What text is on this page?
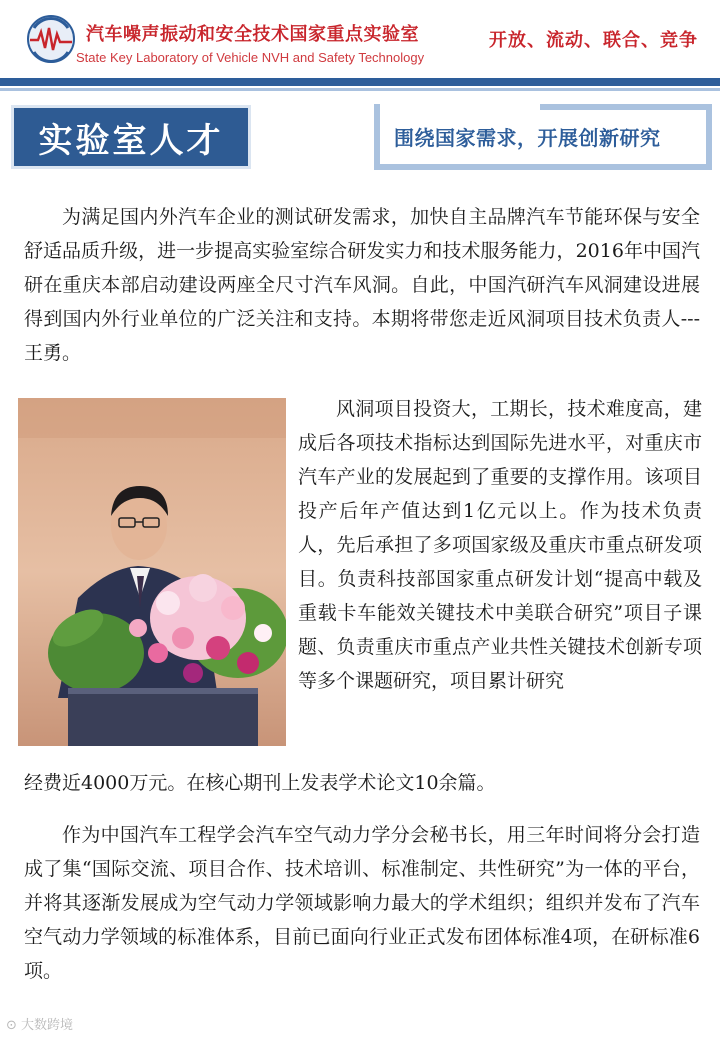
汽车噪声振动和安全技术国家重点实验室
State Key Laboratory of Vehicle NVH and Safety Technology
开放、流动、联合、竞争
实验室人才	围绕国家需求，开展创新研究
为满足国内外汽车企业的测试研发需求，加快自主品牌汽车节能环保与安全舒适品质升级，进一步提高实验室综合研发实力和技术服务能力，2016年中国汽研在重庆本部启动建设两座全尺寸汽车风洞。自此，中国汽研汽车风洞建设进展得到国内外行业单位的广泛关注和支持。本期将带您走近风洞项目技术负责人---王勇。
风洞项目投资大，工期长，技术难度高，建成后各项技术指标达到国际先进水平，对重庆市汽车产业的发展起到了重要的支撑作用。该项目投产后年产值达到1亿元以上。作为技术负责人，先后承担了多项国家级及重庆市重点研发项目。负责科技部国家重点研发计划“提高中载及重载卡车能效关键技术中美联合研究”项目子课题、负责重庆市重点产业共性关键技术创新专项等多个课题研究，项目累计研究
经费近4000万元。在核心期刊上发表学术论文10余篇。
作为中国汽车工程学会汽车空气动力学分会秘书长，用三年时间将分会打造成了集“国际交流、项目合作、技术培训、标准制定、共性研究”为一体的平台，并将其逐渐发展成为空气动力学领域影响力最大的学术组织；组织并发布了汽车空气动力学领域的标准体系，目前已面向行业正式发布团体标准4项，在研标准6项。
⊙ 大数跨境
